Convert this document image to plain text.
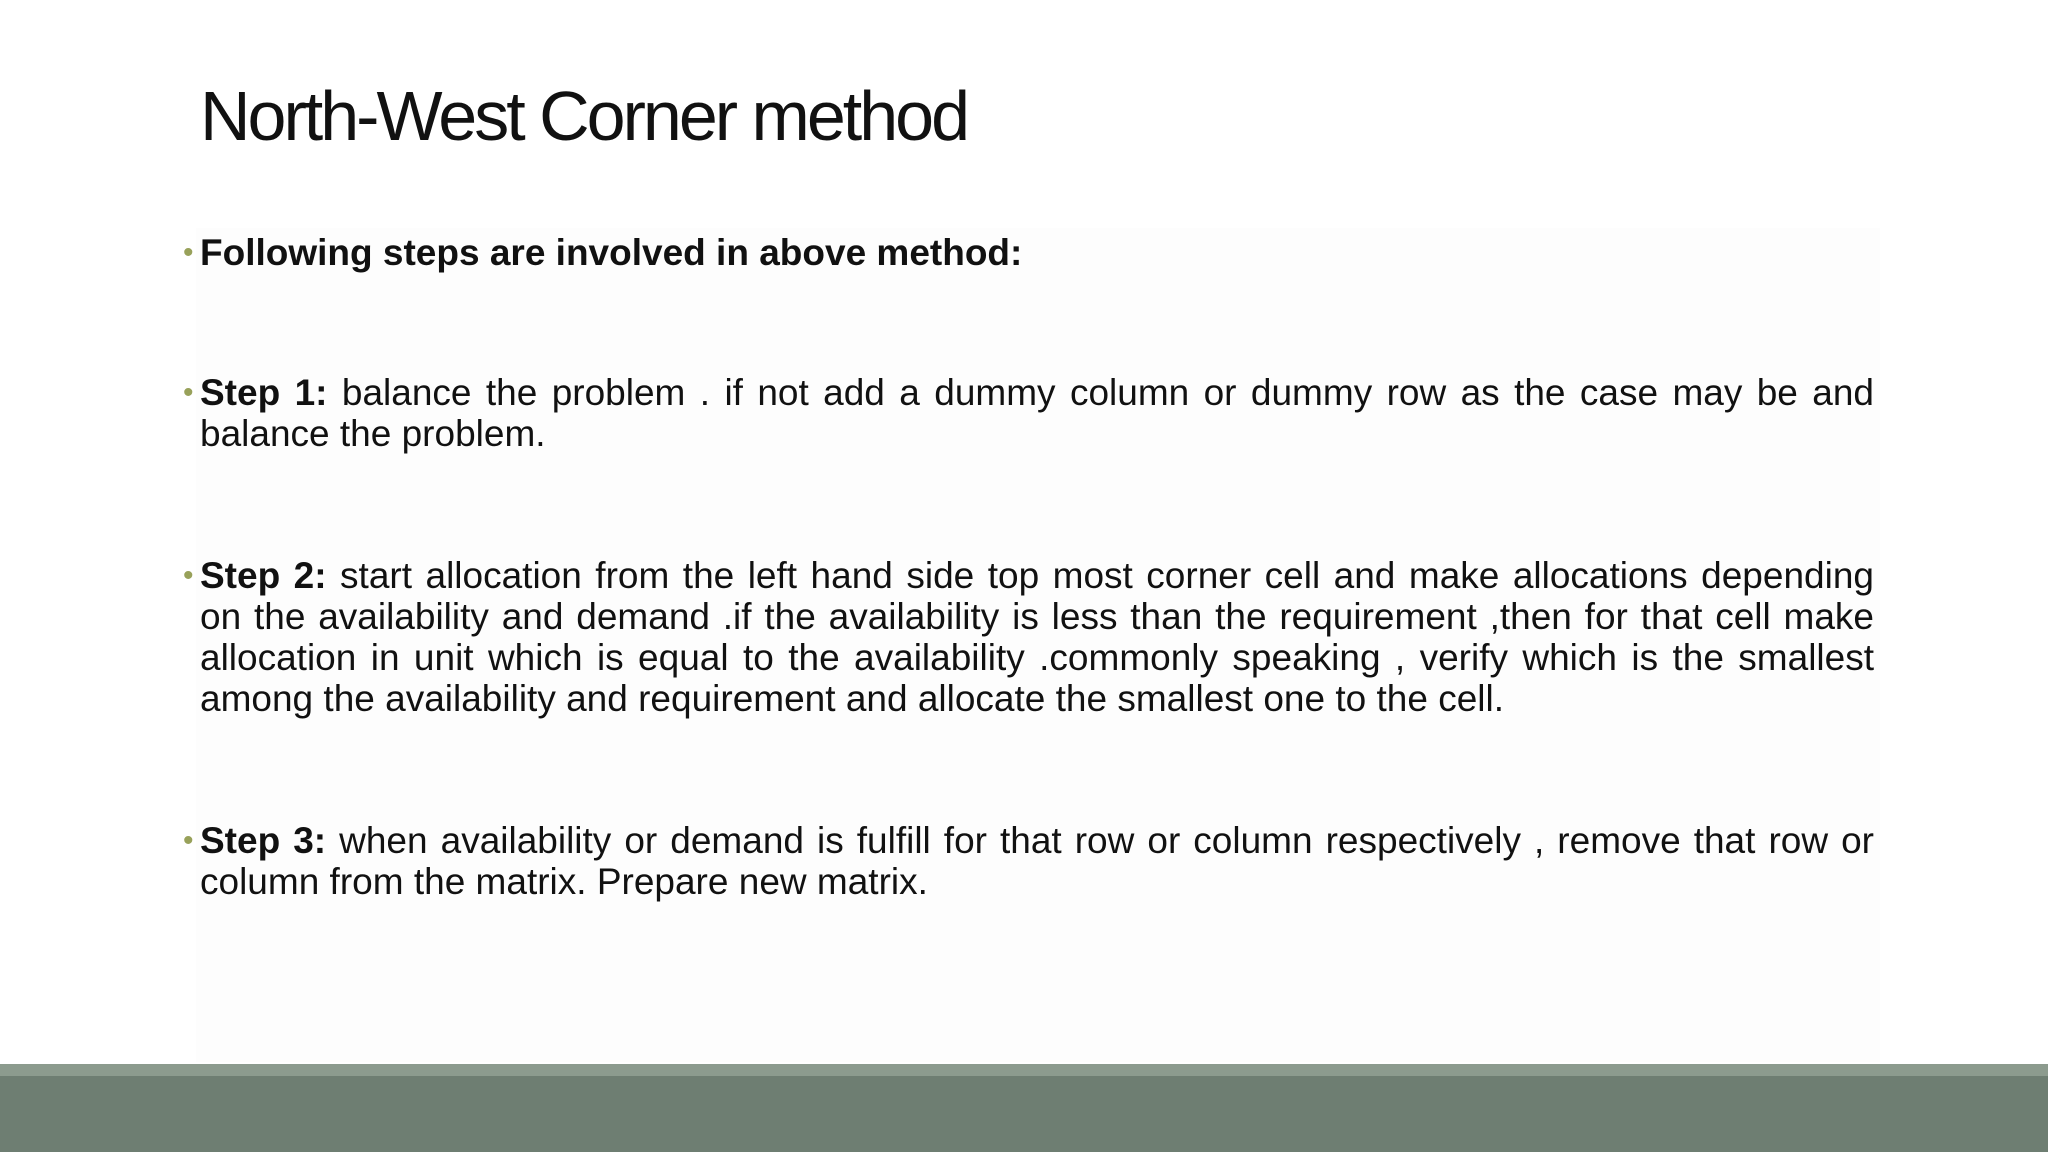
North-West Corner method
• Following steps are involved in above method:
• Step 1: balance the problem . if not add a dummy column or dummy row as the case may be and balance the problem.
• Step 2: start allocation from the left hand side top most corner cell and make allocations depending on the availability and demand .if the availability is less than the requirement ,then for that cell make allocation in unit which is equal to the availability .commonly speaking , verify which is the smallest among the availability and requirement and allocate the smallest one to the cell.
• Step 3: when availability or demand is fulfill for that row or column respectively , remove that row or column from the matrix. Prepare new matrix.
